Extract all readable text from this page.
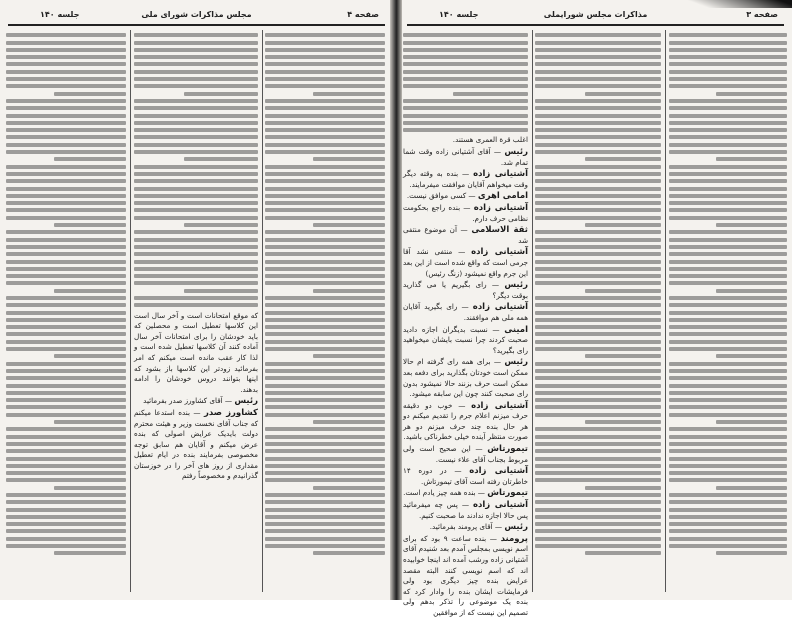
صفحه ۴
مجلس مذاکرات شورای ملی
جلسه ۱۴۰

که موقع امتحانات است و آخر سال است این کلاسها تعطیل است و محصلین که باید خودشان را برای امتحانات آخر سال آماده کنند آن کلاسها تعطیل شده است و لذا کار عقب مانده است میکنم که امر بفرمائید زودتر این کلاسها باز بشود که اینها بتوانند دروس خودشان را ادامه بدهند.

رئیس — آقای کشاورز صدر بفرمائید

کشاورز صدر — بنده استدعا میکنم که جناب آقای نخست وزیر و هیئت محترم دولت بایدیک عرایض اصولی که بنده عرض میکنم و آقایان هم سابق توجه مخصوصی بفرمایند بنده در ایام تعطیل مقداری از روز های آخر را در خوزستان گذرانیدم و مخصوصاً رفتم

اغلب قرة العمرى هستند.

رئیس — آقای آشتیانی زاده وقت شما تمام شد.

آشتیانی زاده — بنده به وقته دیگر وقت میخواهم آقایان موافقت میفرمایند.

امامی اهری — کسی موافق نیست.

آشتیانی زاده — بنده راجع بحکومت نظامی حرف دارم.

ثقة الاسلامی — آن موضوع منتفی شد

آشتیانی زاده — منتفی نشد آقا جرمی است که واقع شده است از این بعد این جرم واقع نمیشود (زنگ رئیس)

رئیس — رای بگیریم یا می گذارید بوقت دیگر؟

آشتیانی زاده — رای بگیرید آقایان همه ملی هم موافقند.

امینی — نسبت بدیگران اجازه دادید صحبت کردند چرا نسبت بایشان میخواهید رای بگیرید؟

رئیس — برای همه رای گرفته ام حالا ممکن است خودتان بگذارید برای دفعه بعد ممکن است حرف بزنند حالا نمیشود بدون رای صحبت کنند چون این سابقه میشود.

آشتیانی زاده — خوب دو دقیقه حرف میزنم اعلام جرم را تقدیم میکنم دو هر حال بنده چند حرف میزنم دو هر صورت منتظر آینده خیلی خطرناکی باشید.

تیمورتاش — این صحیح است ولی مربوط بجناب آقای علاء نیست.

آشتیانی زاده — در دوره ۱۴ خاطرتان رفته است آقای تیمورتاش.

تیمورتاش — بنده همه چیز یادم است.

آشتیانی زاده — پس چه میفرمائید پس حالا اجازه ندادند ما صحبت کنیم.

رئیس — آقای پرومند بفرمائید.

پرومند — بنده ساعت ۹ بود که برای اسم نویسی بمجلس آمدم بعد شنیدم آقای آشتیانی زاده ورشب آمده اند اینجا خوابیده اند که اسم نویسی کنند البته مقصد عرایض بنده چیز دیگری بود ولی فرمایشات ایشان بنده را وادار کرد که بنده یک موضوعی را تذکر بدهم ولی تصمیم این نیست که از موافقین

صفحه ۳
مذاکرات مجلس شورایملی
جلسه ۱۴۰
